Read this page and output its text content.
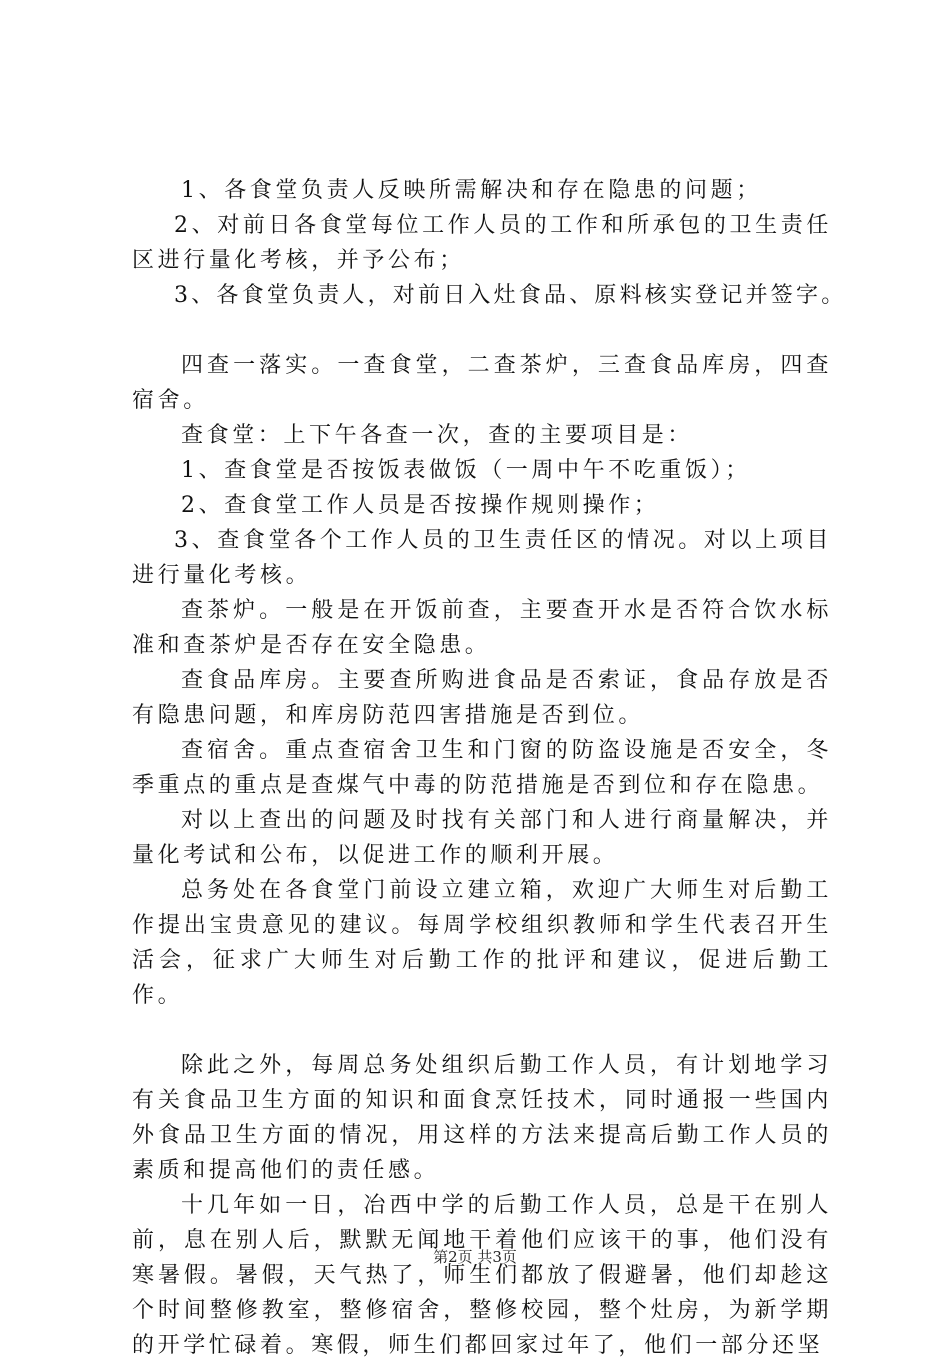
1、各食堂负责人反映所需解决和存在隐患的问题；

2、对前日各食堂每位工作人员的工作和所承包的卫生责任区进行量化考核，并予公布；

3、各食堂负责人，对前日入灶食品、原料核实登记并签字。

四查一落实。一查食堂，二查茶炉，三查食品库房，四查宿舍。

查食堂：上下午各查一次，查的主要项目是：

1、查食堂是否按饭表做饭（一周中午不吃重饭）；

2、查食堂工作人员是否按操作规则操作；

3、查食堂各个工作人员的卫生责任区的情况。对以上项目进行量化考核。

查茶炉。一般是在开饭前查，主要查开水是否符合饮水标准和查茶炉是否存在安全隐患。

查食品库房。主要查所购进食品是否索证，食品存放是否有隐患问题，和库房防范四害措施是否到位。

查宿舍。重点查宿舍卫生和门窗的防盗设施是否安全，冬季重点的重点是查煤气中毒的防范措施是否到位和存在隐患。

对以上查出的问题及时找有关部门和人进行商量解决，并量化考试和公布，以促进工作的顺利开展。

总务处在各食堂门前设立建立箱，欢迎广大师生对后勤工作提出宝贵意见的建议。每周学校组织教师和学生代表召开生活会，征求广大师生对后勤工作的批评和建议，促进后勤工作。

除此之外，每周总务处组织后勤工作人员，有计划地学习有关食品卫生方面的知识和面食烹饪技术，同时通报一些国内外食品卫生方面的情况，用这样的方法来提高后勤工作人员的素质和提高他们的责任感。

十几年如一日，冶西中学的后勤工作人员，总是干在别人前，息在别人后，默默无闻地干着他们应该干的事，他们没有寒暑假。暑假，天气热了，师生们都放了假避暑，他们却趁这个时间整修教室，整修宿舍，整修校园，整个灶房，为新学期的开学忙碌着。寒假，师生们都回家过年了，他们一部分还坚

第2页 共3页
